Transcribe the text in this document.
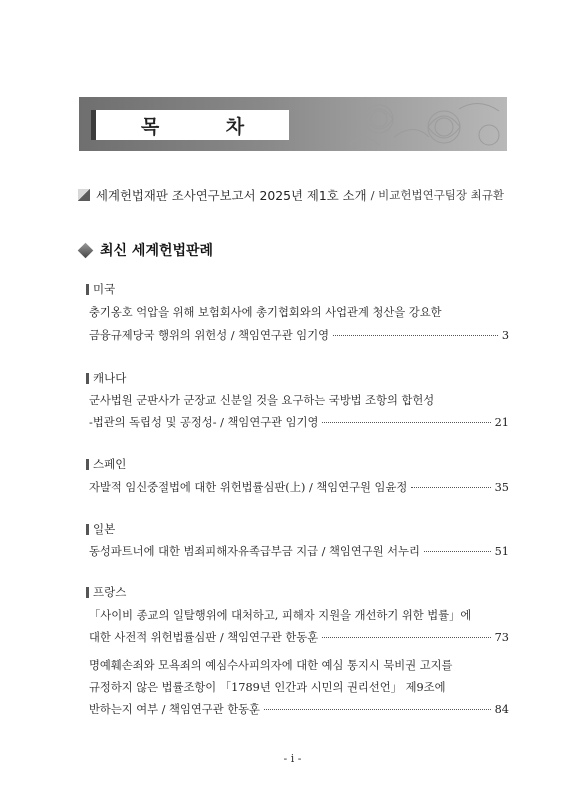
목 차
세계헌법재판 조사연구보고서 2025년 제1호 소개 / 비교헌법연구팀장 최규환
최신 세계헌법판례
미국
충기옹호 억압을 위해 보험회사에 총기협회와의 사업관계 청산을 강요한
금융규제당국 행위의 위헌성 / 책임연구관 임기영	3
캐나다
군사법원 군판사가 군장교 신분일 것을 요구하는 국방법 조항의 합헌성
-법관의 독립성 및 공정성- / 책임연구관 임기영	21
스페인
자발적 임신중절법에 대한 위헌법률심판(上) / 책임연구원 임윤정	35
일본
동성파트너에 대한 범죄피해자유족급부금 지급 / 책임연구원 서누리	51
프랑스
「사이비 종교의 일탈행위에 대처하고, 피해자 지원을 개선하기 위한 법률」에
대한 사전적 위헌법률심판 / 책임연구관 한동훈	73
명예훼손죄와 모욕죄의 예심수사피의자에 대한 예심 통지시 묵비권 고지를
규정하지 않은 법률조항이 「1789년 인간과 시민의 권리선언」 제9조에
반하는지 여부 / 책임연구관 한동훈	84
- i -
